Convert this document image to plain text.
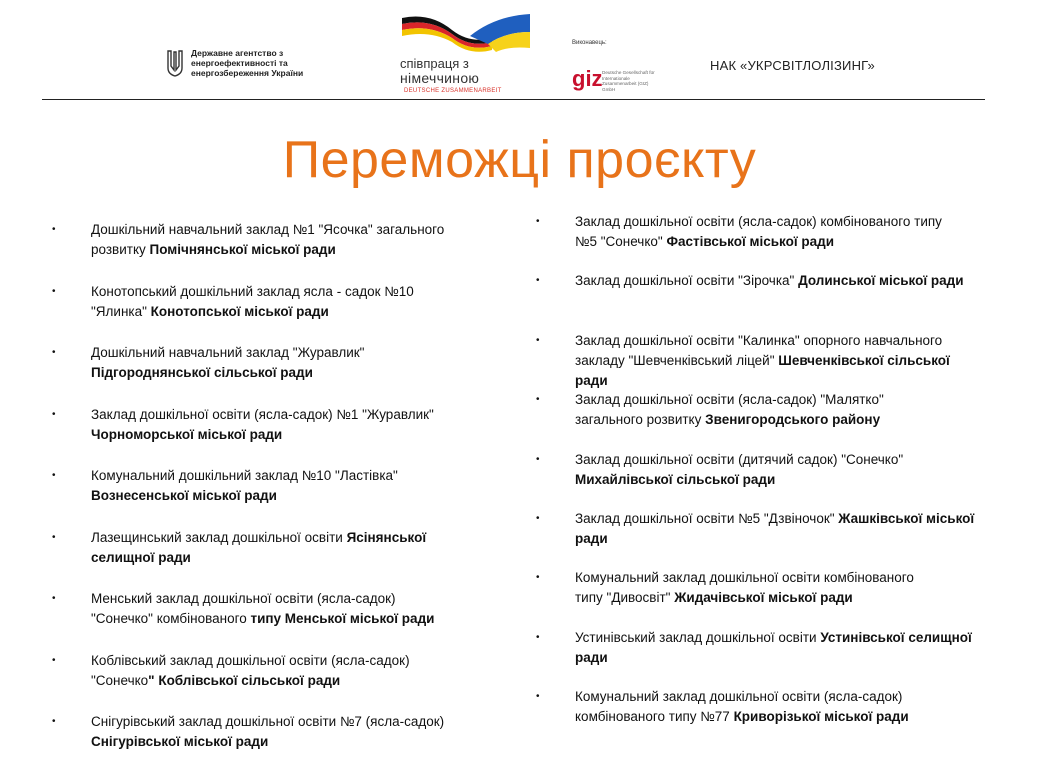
Державне агентство з
енергоефективності та
енергозбереження України
співпраця з
німеччиною
DEUTSCHE ZUSAMMENARBEIT
Виконавець:
giz Deutsche Gesellschaft für Internationale Zusammenarbeit (GIZ) GmbH
НАК «УКРСВІТЛОЛІЗИНГ»
Переможці проєкту
•	Дошкільний навчальний заклад №1 "Ясочка" загального
розвитку Помічнянської міської ради
•	Конотопський дошкільний заклад ясла - садок №10
"Ялинка" Конотопської міської ради
•	Дошкільний навчальний заклад "Журавлик"
Підгороднянської сільської ради
•	Заклад дошкільної освіти (ясла-садок) №1 "Журавлик"
Чорноморської міської ради
•	Комунальний дошкільний заклад №10 "Ластівка"
Вознесенської міської ради
•	Лазещинський заклад дошкільної освіти Ясінянської селищної ради
•	Менський заклад дошкільної освіти (ясла-садок)
"Сонечко" комбінованого типу Менської міської ради
•	Коблівський заклад дошкільної освіти (ясла-садок)
"Сонечко" Коблівської сільської ради
•	Снігурівський заклад дошкільної освіти №7 (ясла-садок)
Снігурівської міської ради
•	Заклад дошкільної освіти (ясла-садок) комбінованого типу
№5 "Сонечко" Фастівської міської ради
•	Заклад дошкільної освіти "Зірочка" Долинської міської ради
•	Заклад дошкільної освіти "Калинка" опорного навчального
закладу "Шевченківський ліцей" Шевченківської сільської ради
•	Заклад дошкільної освіти (ясла-садок) "Малятко"
загального розвитку Звенигородського району
•	Заклад дошкільної освіти (дитячий садок) "Сонечко"
Михайлівської сільської ради
•	Заклад дошкільної освіти №5 "Дзвіночок" Жашківської міської ради
•	Комунальний заклад дошкільної освіти комбінованого
типу "Дивосвіт" Жидачівської міської ради
•	Устинівський заклад дошкільної освіти Устинівської селищної ради
•	Комунальний заклад дошкільної освіти (ясла-садок)
комбінованого типу №77 Криворізької міської ради
